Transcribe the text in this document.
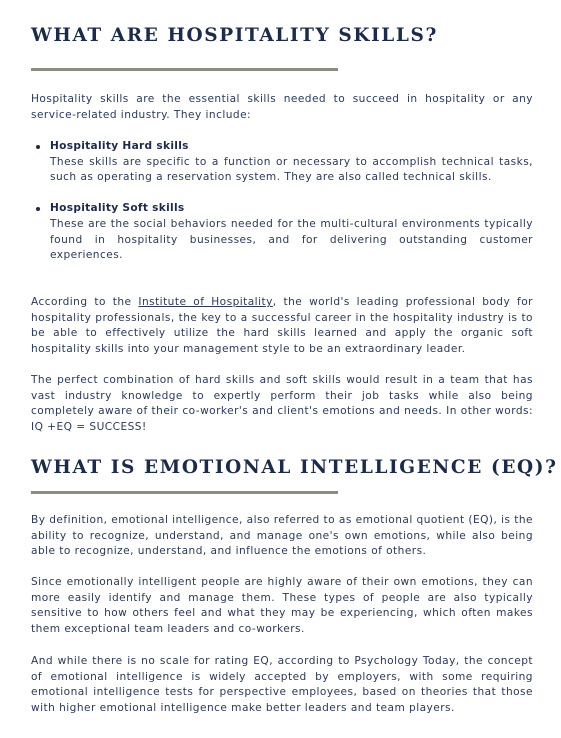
WHAT ARE HOSPITALITY SKILLS?

Hospitality skills are the essential skills needed to succeed in hospitality or any service-related industry. They include:

Hospitality Hard skills
These skills are specific to a function or necessary to accomplish technical tasks, such as operating a reservation system. They are also called technical skills.
Hospitality Soft skills
These are the social behaviors needed for the multi-cultural environments typically found in hospitality businesses, and for delivering outstanding customer experiences.

According to the Institute of Hospitality, the world's leading professional body for hospitality professionals, the key to a successful career in the hospitality industry is to be able to effectively utilize the hard skills learned and apply the organic soft hospitality skills into your management style to be an extraordinary leader.

The perfect combination of hard skills and soft skills would result in a team that has vast industry knowledge to expertly perform their job tasks while also being completely aware of their co-worker's and client's emotions and needs. In other words: IQ +EQ = SUCCESS!

WHAT IS EMOTIONAL INTELLIGENCE (EQ)?

By definition, emotional intelligence, also referred to as emotional quotient (EQ), is the ability to recognize, understand, and manage one's own emotions, while also being able to recognize, understand, and influence the emotions of others.

Since emotionally intelligent people are highly aware of their own emotions, they can more easily identify and manage them. These types of people are also typically sensitive to how others feel and what they may be experiencing, which often makes them exceptional team leaders and co-workers.

And while there is no scale for rating EQ, according to Psychology Today, the concept of emotional intelligence is widely accepted by employers, with some requiring emotional intelligence tests for perspective employees, based on theories that those with higher emotional intelligence make better leaders and team players.
